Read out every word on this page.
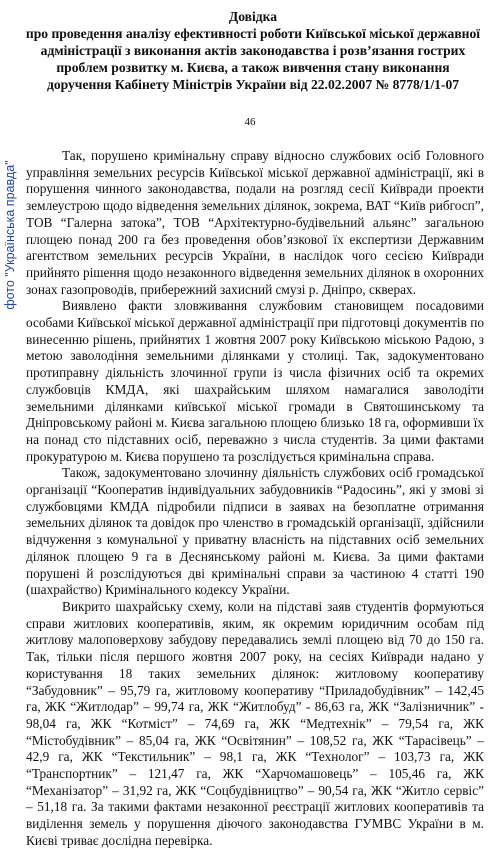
Довідка
про проведення аналізу ефективності роботи Київської міської державної
адміністрації з виконання актів законодавства і розв’язання гострих
проблем розвитку м. Києва, а також вивчення стану виконання
доручення Кабінету Міністрів України від 22.02.2007 № 8778/1/1-07
46
фото "Українська правда"

Так, порушено кримінальну справу відносно службових осіб Головного управління земельних ресурсів Київської міської державної адміністрації, які в порушення чинного законодавства, подали на розгляд сесії Київради проекти землеустрою щодо відведення земельних ділянок, зокрема, ВАТ “Київ рибгосп”, ТОВ “Галерна затока”, ТОВ “Архітектурно-будівельний альянс” загальною площею понад 200 га без проведення обов’язкової їх експертизи Державним агентством земельних ресурсів України, в наслідок чого сесією Київради прийнято рішення щодо незаконного відведення земельних ділянок в охоронних зонах газопроводів, прибережний захисний смузі р. Дніпро, скверах.

Виявлено факти зловживання службовим становищем посадовими особами Київської міської державної адміністрації при підготовці документів по винесенню рішень, прийнятих 1 жовтня 2007 року Київською міською Радою, з метою заволодіння земельними ділянками у столиці. Так, задокументовано протиправну діяльність злочинної групи із числа фізичних осіб та окремих службовців КМДА, які шахрайським шляхом намагалися заволодіти земельними ділянками київської міської громади в Святошинському та Дніпровському районі м. Києва загальною площею близько 18 га, оформивши їх на понад сто підставних осіб, переважно з числа студентів. За цими фактами прокуратурою м. Києва порушено та розслідується кримінальна справа.

Також, задокументовано злочинну діяльність службових осіб громадської організації “Кооператив індивідуальних забудовників “Радосинь”, які у змові зі службовцями КМДА підробили підписи в заявах на безоплатне отримання земельних ділянок та довідок про членство в громадській організації, здійснили відчуження з комунальної у приватну власність на підставних осіб земельних ділянок площею 9 га в Деснянському районі м. Києва. За цими фактами порушені й розслідуються дві кримінальні справи за частиною 4 статті 190 (шахрайство) Кримінального кодексу України.

Викрито шахрайську схему, коли на підставі заяв студентів формуються справи житлових кооперативів, яким, як окремим юридичним особам під житлову малоповерхову забудову передавались землі площею від 70 до 150 га. Так, тільки після першого жовтня 2007 року, на сесіях Київради надано у користування 18 таких земельних ділянок: житловому кооперативу “Забудовник” – 95,79 га, житловому кооперативу “Приладобудівник” – 142,45 га, ЖК “Житлодар” – 99,74 га, ЖК “Житлобуд” - 86,63 га, ЖК “Залізничник” - 98,04 га, ЖК “Котміст” – 74,69 га, ЖК “Медтехнік” – 79,54 га, ЖК “Містобудівник” – 85,04 га, ЖК “Освітянин” – 108,52 га, ЖК “Тарасівець” – 42,9 га, ЖК “Текстильник” – 98,1 га, ЖК “Технолог” – 103,73 га, ЖК “Транспортник” – 121,47 га, ЖК “Харчомашовець” – 105,46 га, ЖК “Механізатор” – 31,92 га, ЖК “Соцбудівництво” – 90,54 га, ЖК “Житло сервіс” – 51,18 га. За такими фактами незаконної реєстрації житлових кооперативів та виділення земель у порушення діючого законодавства ГУМВС України в м. Києві триває дослідна перевірка.
